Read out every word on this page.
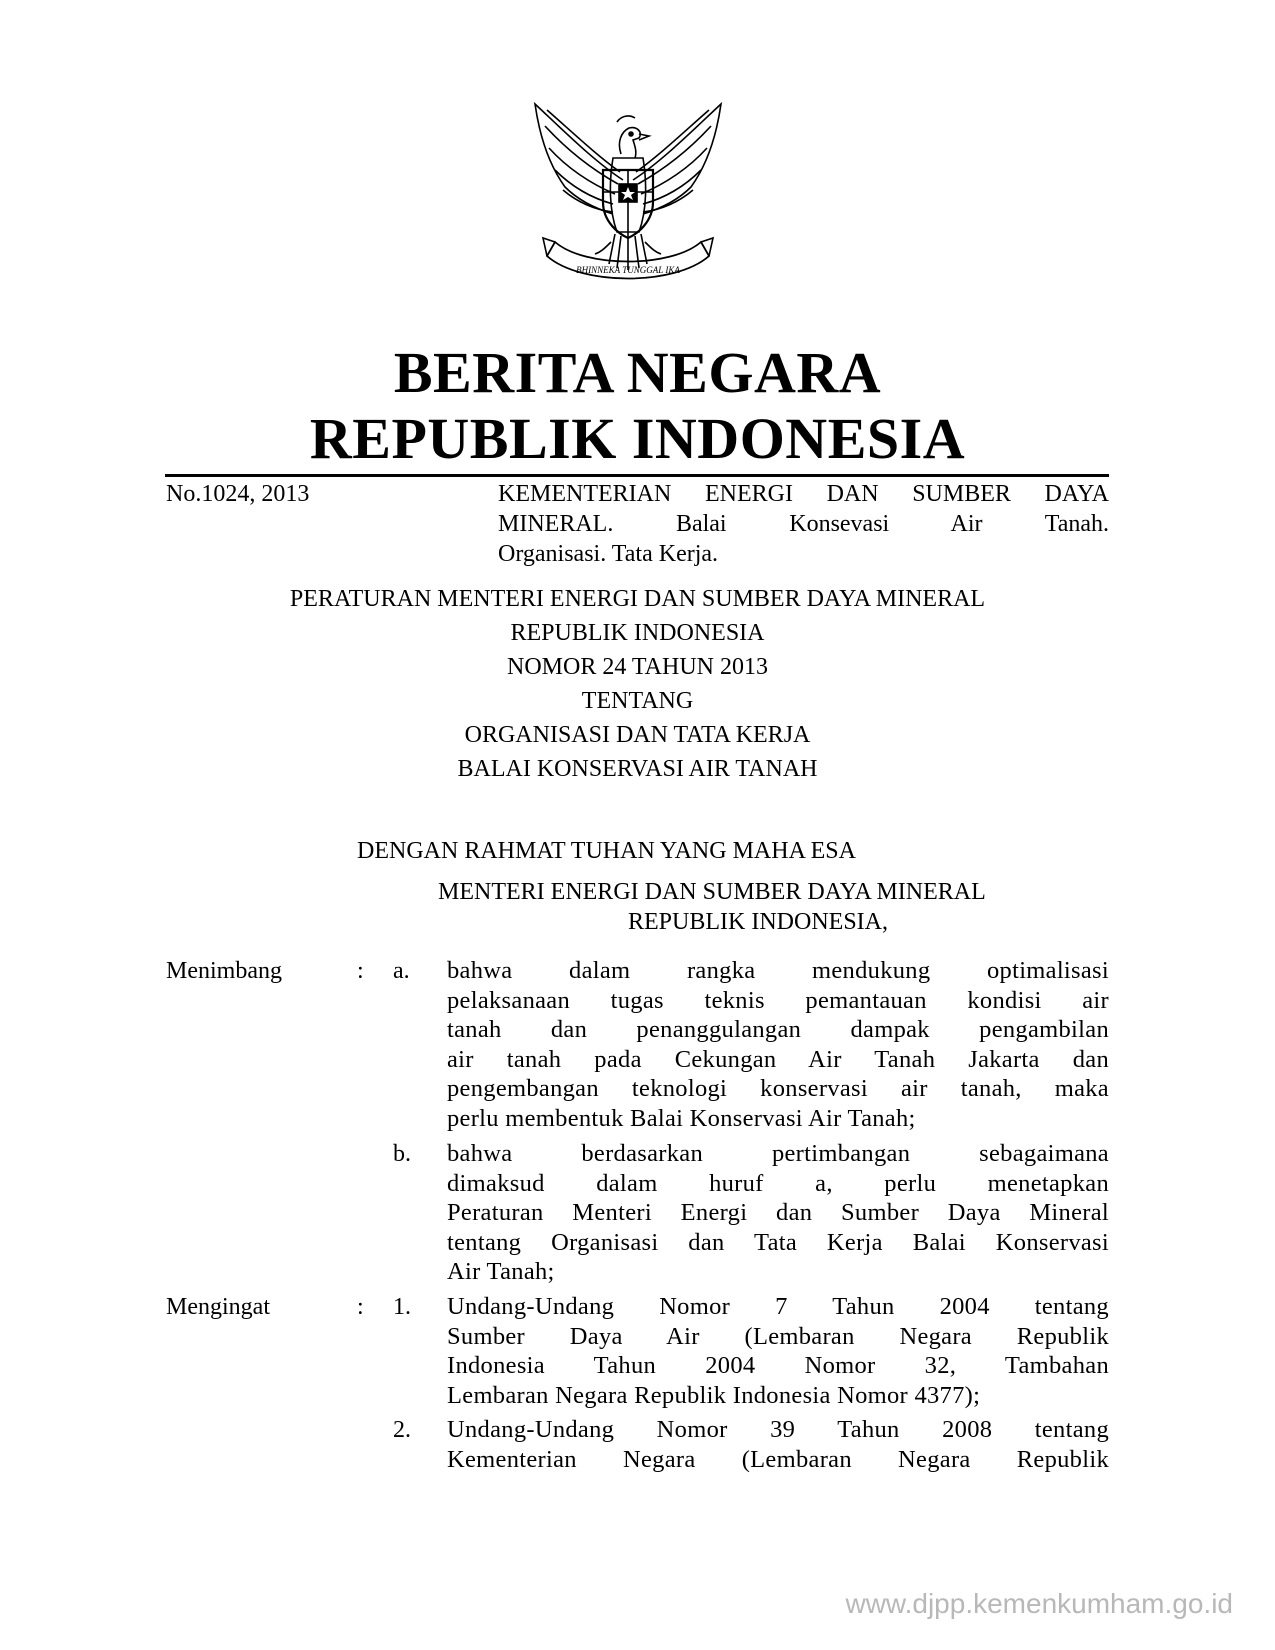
BHINNEKA TUNGGAL IKA
BERITA NEGARA
REPUBLIK INDONESIA
No.1024, 2013	KEMENTERIAN ENERGI DAN SUMBER DAYA
MINERAL. Balai Konsevasi Air Tanah.
Organisasi. Tata Kerja.
PERATURAN MENTERI ENERGI DAN SUMBER DAYA MINERAL
REPUBLIK INDONESIA
NOMOR 24 TAHUN 2013
TENTANG
ORGANISASI DAN TATA KERJA
BALAI KONSERVASI AIR TANAH
DENGAN RAHMAT TUHAN YANG MAHA ESA
MENTERI ENERGI DAN SUMBER DAYA MINERAL
REPUBLIK INDONESIA,
Menimbang	: a. bahwa dalam rangka mendukung optimalisasi
pelaksanaan tugas teknis pemantauan kondisi air
tanah dan penanggulangan dampak pengambilan
air tanah pada Cekungan Air Tanah Jakarta dan
pengembangan teknologi konservasi air tanah, maka
perlu membentuk Balai Konservasi Air Tanah;
b. bahwa berdasarkan pertimbangan sebagaimana
dimaksud dalam huruf a, perlu menetapkan
Peraturan Menteri Energi dan Sumber Daya Mineral
tentang Organisasi dan Tata Kerja Balai Konservasi
Air Tanah;
Mengingat	: 1. Undang-Undang Nomor 7 Tahun 2004 tentang
Sumber Daya Air (Lembaran Negara Republik
Indonesia Tahun 2004 Nomor 32, Tambahan
Lembaran Negara Republik Indonesia Nomor 4377);
2. Undang-Undang Nomor 39 Tahun 2008 tentang
Kementerian Negara (Lembaran Negara Republik
www.djpp.kemenkumham.go.id
